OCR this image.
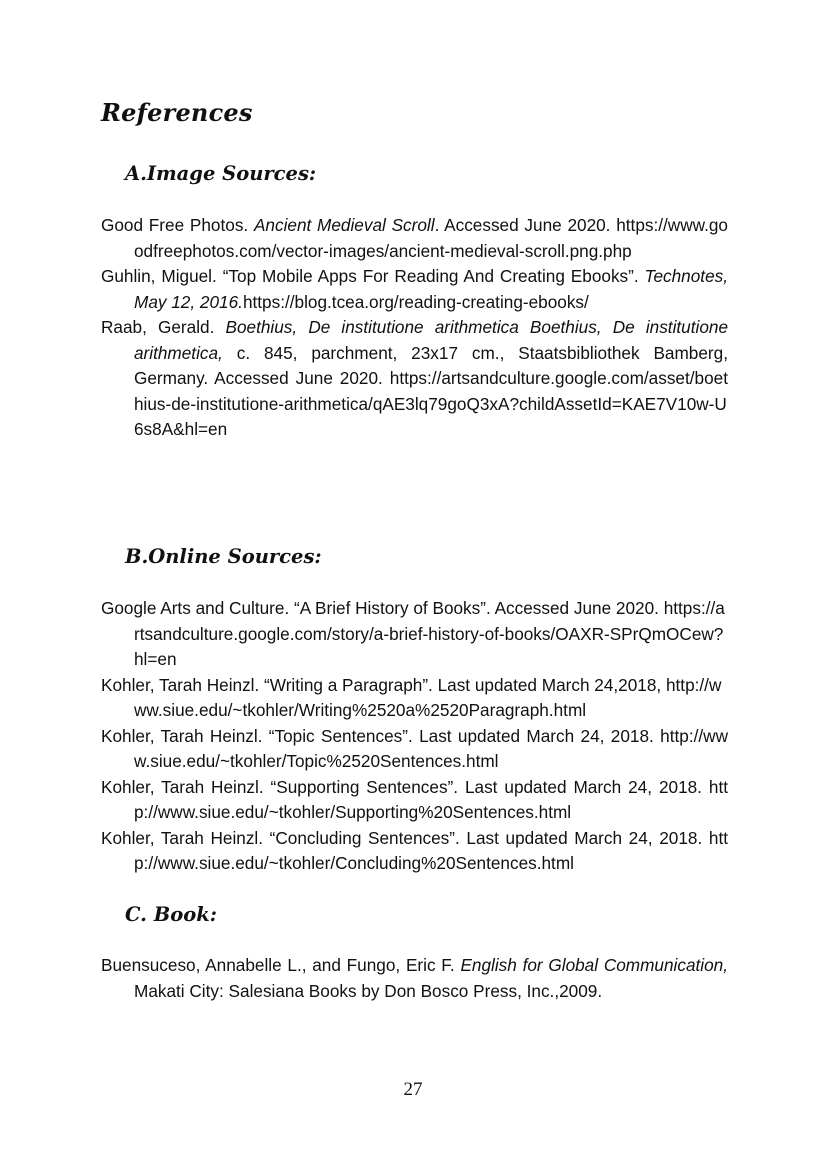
References
A.Image Sources:
Good Free Photos. Ancient Medieval Scroll. Accessed June 2020. https://www.goodfreephotos.com/vector-images/ancient-medieval-scroll.png.php
Guhlin, Miguel. “Top Mobile Apps For Reading And Creating Ebooks”. Technotes, May 12, 2016.https://blog.tcea.org/reading-creating-ebooks/
Raab, Gerald. Boethius, De institutione arithmetica Boethius, De institutione arithmetica, c. 845, parchment, 23x17 cm., Staatsbibliothek Bamberg, Germany. Accessed June 2020. https://artsandculture.google.com/asset/boethius-de-institutione-arithmetica/qAE3lq79goQ3xA?childAssetId=KAE7V10w-U6s8A&hl=en
B.Online Sources:
Google Arts and Culture. “A Brief History of Books”. Accessed June 2020. https://artsandculture.google.com/story/a-brief-history-of-books/OAXR-SPrQmOCew?hl=en
Kohler, Tarah Heinzl. “Writing a Paragraph”. Last updated March 24,2018, http://www.siue.edu/~tkohler/Writing%2520a%2520Paragraph.html
Kohler, Tarah Heinzl. “Topic Sentences”. Last updated March 24, 2018. http://www.siue.edu/~tkohler/Topic%2520Sentences.html
Kohler, Tarah Heinzl. “Supporting Sentences”. Last updated March 24, 2018. http://www.siue.edu/~tkohler/Supporting%20Sentences.html
Kohler, Tarah Heinzl. “Concluding Sentences”. Last updated March 24, 2018. http://www.siue.edu/~tkohler/Concluding%20Sentences.html
C. Book:
Buensuceso, Annabelle L., and Fungo, Eric F. English for Global Communication, Makati City: Salesiana Books by Don Bosco Press, Inc.,2009.
27
